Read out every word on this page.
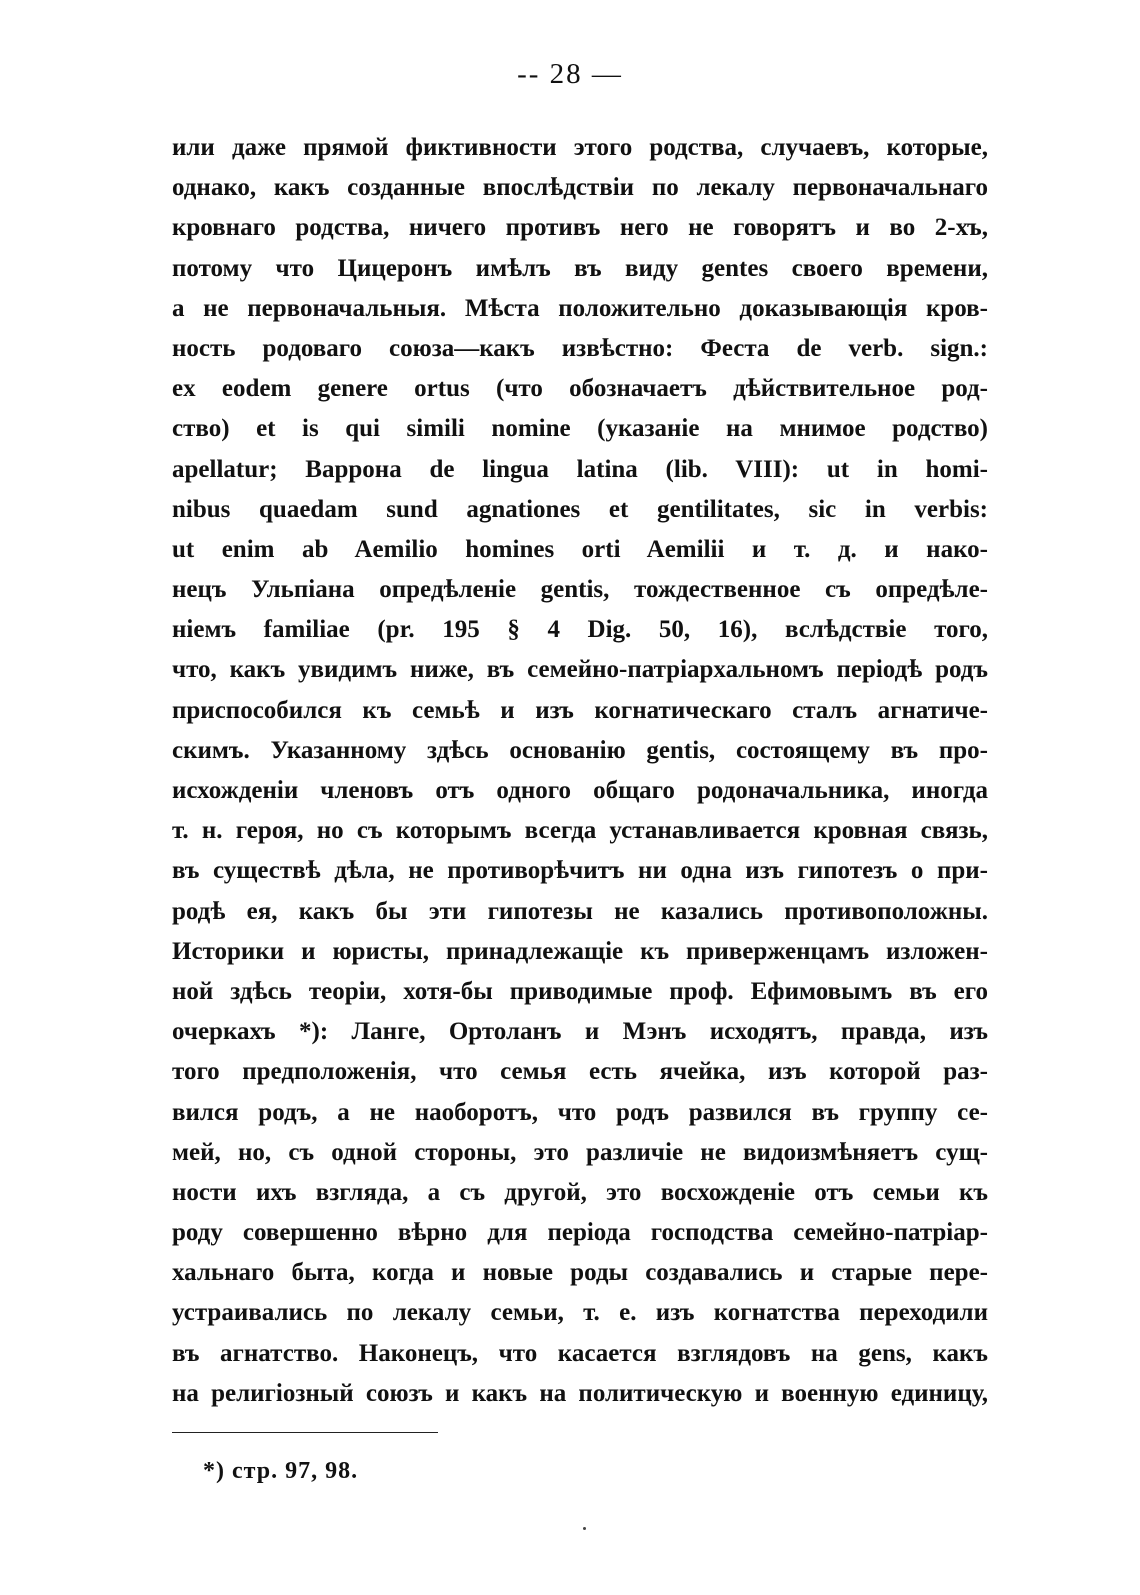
-- 28 —
или даже прямой фиктивности этого родства, случаевъ, которые,
однако, какъ созданные впослѣдствіи по лекалу первоначальнаго
кровнаго родства, ничего противъ него не говорятъ и во 2-хъ,
потому что Цицеронъ имѣлъ въ виду gentes своего времени,
а не первоначальныя. Мѣста положительно доказывающія кров-
ность родоваго союза—какъ извѣстно: Феста de verb. sign.:
ex eodem genere ortus (что обозначаетъ дѣйствительное род-
ство) et is qui simili nomine (указаніе на мнимое родство)
apellatur; Варрона de lingua latina (lib. VIII): ut in homi-
nibus quaedam sund agnationes et gentilitates, sic in verbis:
ut enim ab Aemilio homines orti Aemilii и т. д. и нако-
нецъ Ульпіана опредѣленіе gentis, тождественное съ опредѣле-
ніемъ familiae (pr. 195 § 4 Dig. 50, 16), вслѣдствіе того,
что, какъ увидимъ ниже, въ семейно-патріархальномъ періодѣ родъ
приспособился къ семьѣ и изъ когнатическаго сталъ агнатиче-
скимъ. Указанному здѣсь основанію gentis, состоящему въ про-
исхожденіи членовъ отъ одного общаго родоначальника, иногда
т. н. героя, но съ которымъ всегда устанавливается кровная связь,
въ существѣ дѣла, не противорѣчитъ ни одна изъ гипотезъ о при-
родѣ ея, какъ бы эти гипотезы не казались противоположны.
Историки и юристы, принадлежащіе къ приверженцамъ изложен-
ной здѣсь теоріи, хотя-бы приводимые проф. Ефимовымъ въ его
очеркахъ *): Ланге, Ортоланъ и Мэнъ исходятъ, правда, изъ
того предположенія, что семья есть ячейка, изъ которой раз-
вился родъ, а не наоборотъ, что родъ развился въ группу се-
мей, но, съ одной стороны, это различіе не видоизмѣняетъ сущ-
ности ихъ взгляда, а съ другой, это восхожденіе отъ семьи къ
роду совершенно вѣрно для періода господства семейно-патріар-
хальнаго быта, когда и новые роды создавались и старые пере-
устраивались по лекалу семьи, т. е. изъ когнатства переходили
въ агнатство. Наконецъ, что касается взглядовъ на gens, какъ
на религіозный союзъ и какъ на политическую и военную единицу,
*) стр. 97, 98.
